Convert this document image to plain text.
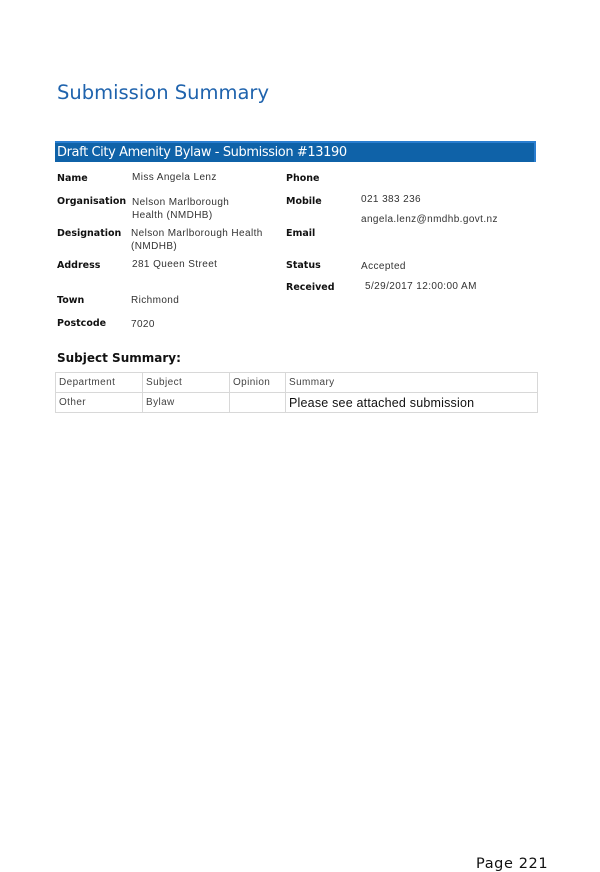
Submission Summary
Draft City Amenity Bylaw - Submission #13190
Name	Miss Angela Lenz
Organisation Nelson Marlborough Health (NMDHB)
Designation Nelson Marlborough Health (NMDHB)
Address	281 Queen Street
Town	Richmond
Postcode 7020
Phone
Mobile	021 383 236
Email
angela.lenz@nmdhb.govt.nz
Status	Accepted
Received	5/29/2017 12:00:00 AM
Subject Summary:
Department	Subject	Opinion	Summary
Other	Bylaw		Please see attached submission
Page 221
